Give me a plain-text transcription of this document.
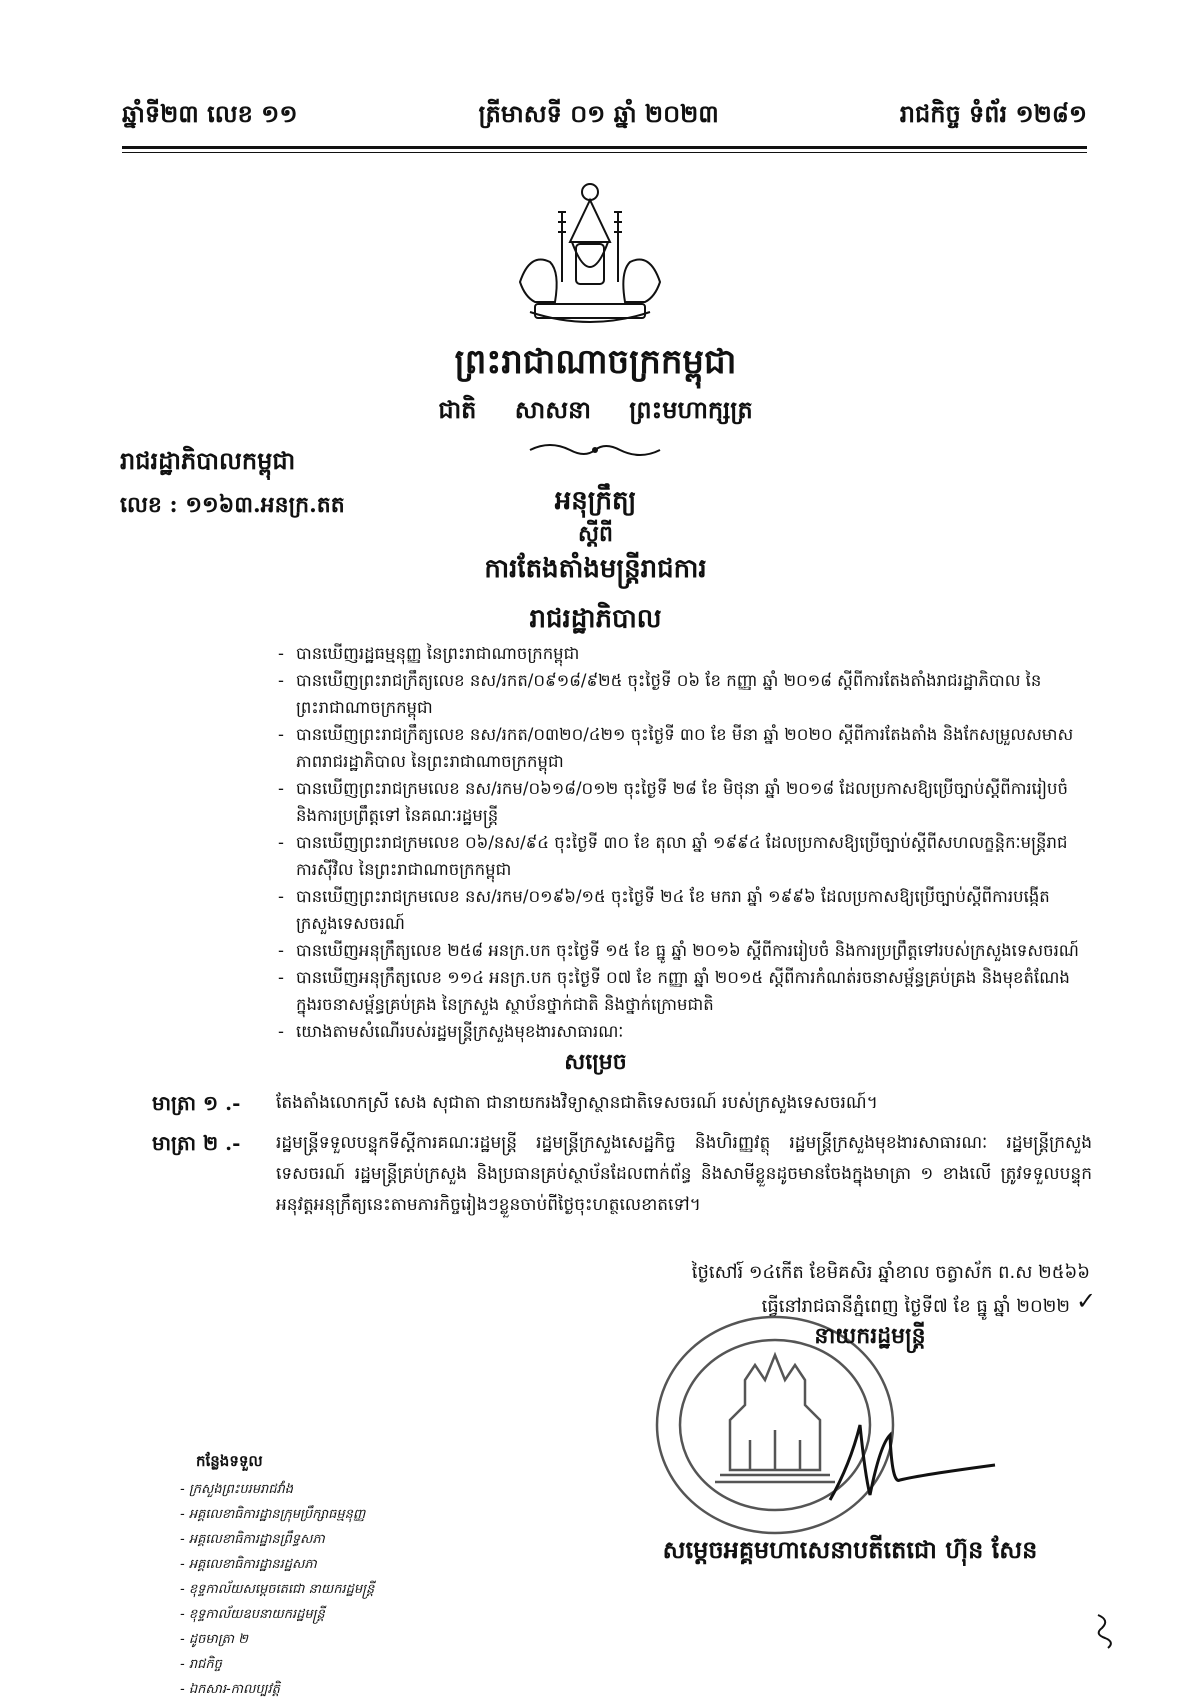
ឆ្នាំទី២៣ លេខ ១១	ត្រីមាសទី ០១ ឆ្នាំ ២០២៣	រាជកិច្ច ទំព័រ ១២៨១
ព្រះរាជាណាចក្រកម្ពុជា
ជាតិ សាសនា ព្រះមហាក្សត្រ
រាជរដ្ឋាភិបាលកម្ពុជា
លេខ : ១១៦៣.អនក្រ.តត	អនុក្រឹត្យ
ស្តីពី
ការតែងតាំងមន្ត្រីរាជការ
រាជរដ្ឋាភិបាល
- បានឃើញរដ្ឋធម្មនុញ្ញ នៃព្រះរាជាណាចក្រកម្ពុជា
- បានឃើញព្រះរាជក្រឹត្យលេខ នស/រកត/០៩១៨/៩២៥ ចុះថ្ងៃទី ០៦ ខែ កញ្ញា ឆ្នាំ ២០១៨ ស្តីពីការតែងតាំងរាជរដ្ឋាភិបាល នៃព្រះរាជាណាចក្រកម្ពុជា
- បានឃើញព្រះរាជក្រឹត្យលេខ នស/រកត/០៣២០/៤២១ ចុះថ្ងៃទី ៣០ ខែ មីនា ឆ្នាំ ២០២០ ស្តីពីការតែងតាំង និងកែសម្រួលសមាសភាពរាជរដ្ឋាភិបាល នៃព្រះរាជាណាចក្រកម្ពុជា
- បានឃើញព្រះរាជក្រមលេខ នស/រកម/០៦១៨/០១២ ចុះថ្ងៃទី ២៨ ខែ មិថុនា ឆ្នាំ ២០១៨ ដែលប្រកាសឱ្យប្រើច្បាប់ស្តីពីការរៀបចំ និងការប្រព្រឹត្តទៅ នៃគណៈរដ្ឋមន្ត្រី
- បានឃើញព្រះរាជក្រមលេខ ០៦/នស/៩៤ ចុះថ្ងៃទី ៣០ ខែ តុលា ឆ្នាំ ១៩៩៤ ដែលប្រកាសឱ្យប្រើច្បាប់ស្តីពីសហលក្ខន្តិកៈមន្ត្រីរាជការស៊ីវិល នៃព្រះរាជាណាចក្រកម្ពុជា
- បានឃើញព្រះរាជក្រមលេខ នស/រកម/០១៩៦/១៥ ចុះថ្ងៃទី ២៤ ខែ មករា ឆ្នាំ ១៩៩៦ ដែលប្រកាសឱ្យប្រើច្បាប់ស្តីពីការបង្កើតក្រសួងទេសចរណ៍
- បានឃើញអនុក្រឹត្យលេខ ២៥៨ អនក្រ.បក ចុះថ្ងៃទី ១៥ ខែ ធ្នូ ឆ្នាំ ២០១៦ ស្តីពីការរៀបចំ និងការប្រព្រឹត្តទៅរបស់ក្រសួងទេសចរណ៍
- បានឃើញអនុក្រឹត្យលេខ ១១៤ អនក្រ.បក ចុះថ្ងៃទី ០៧ ខែ កញ្ញា ឆ្នាំ ២០១៥ ស្តីពីការកំណត់រចនាសម្ព័ន្ធគ្រប់គ្រង និងមុខតំណែងក្នុងរចនាសម្ព័ន្ធគ្រប់គ្រង នៃក្រសួង ស្ថាប័នថ្នាក់ជាតិ និងថ្នាក់ក្រោមជាតិ
- យោងតាមសំណើរបស់រដ្ឋមន្ត្រីក្រសួងមុខងារសាធារណៈ
សម្រេច
មាត្រា ១ .-	តែងតាំងលោកស្រី សេង សុជាតា ជានាយករងវិទ្យាស្ថានជាតិទេសចរណ៍ របស់ក្រសួងទេសចរណ៍។
មាត្រា ២ .-	រដ្ឋមន្ត្រីទទួលបន្ទុកទីស្តីការគណៈរដ្ឋមន្ត្រី រដ្ឋមន្ត្រីក្រសួងសេដ្ឋកិច្ច និងហិរញ្ញវត្ថុ រដ្ឋមន្ត្រីក្រសួងមុខងារសាធារណៈ រដ្ឋមន្ត្រីក្រសួងទេសចរណ៍ រដ្ឋមន្ត្រីគ្រប់ក្រសួង និងប្រធានគ្រប់ស្ថាប័នដែលពាក់ព័ន្ធ និងសាមីខ្លួនដូចមានចែងក្នុងមាត្រា ១ ខាងលើ ត្រូវទទួលបន្ទុកអនុវត្តអនុក្រឹត្យនេះតាមភារកិច្ចរៀងៗខ្លួនចាប់ពីថ្ងៃចុះហត្ថលេខាតទៅ។
ថ្ងៃសៅរ៍ ១៤កើត ខែមិគសិរ ឆ្នាំខាល ចត្វាស័ក ព.ស ២៥៦៦
ធ្វើនៅរាជធានីភ្នំពេញ ថ្ងៃទី៧ ខែ ធ្នូ ឆ្នាំ ២០២២ ✓
នាយករដ្ឋមន្ត្រី
សម្តេចអគ្គមហាសេនាបតីតេជោ ហ៊ុន សែន
កន្លែងទទួល
- ក្រសួងព្រះបរមរាជវាំង
- អគ្គលេខាធិការដ្ឋានក្រុមប្រឹក្សាធម្មនុញ្ញ
- អគ្គលេខាធិការដ្ឋានព្រឹទ្ធសភា
- អគ្គលេខាធិការដ្ឋានរដ្ឋសភា
- ខុទ្ទកាល័យសម្តេចតេជោ នាយករដ្ឋមន្ត្រី
- ខុទ្ទកាល័យឧបនាយករដ្ឋមន្ត្រី
- ដូចមាត្រា ២
- រាជកិច្ច
- ឯកសារ-កាលប្បវត្តិ
